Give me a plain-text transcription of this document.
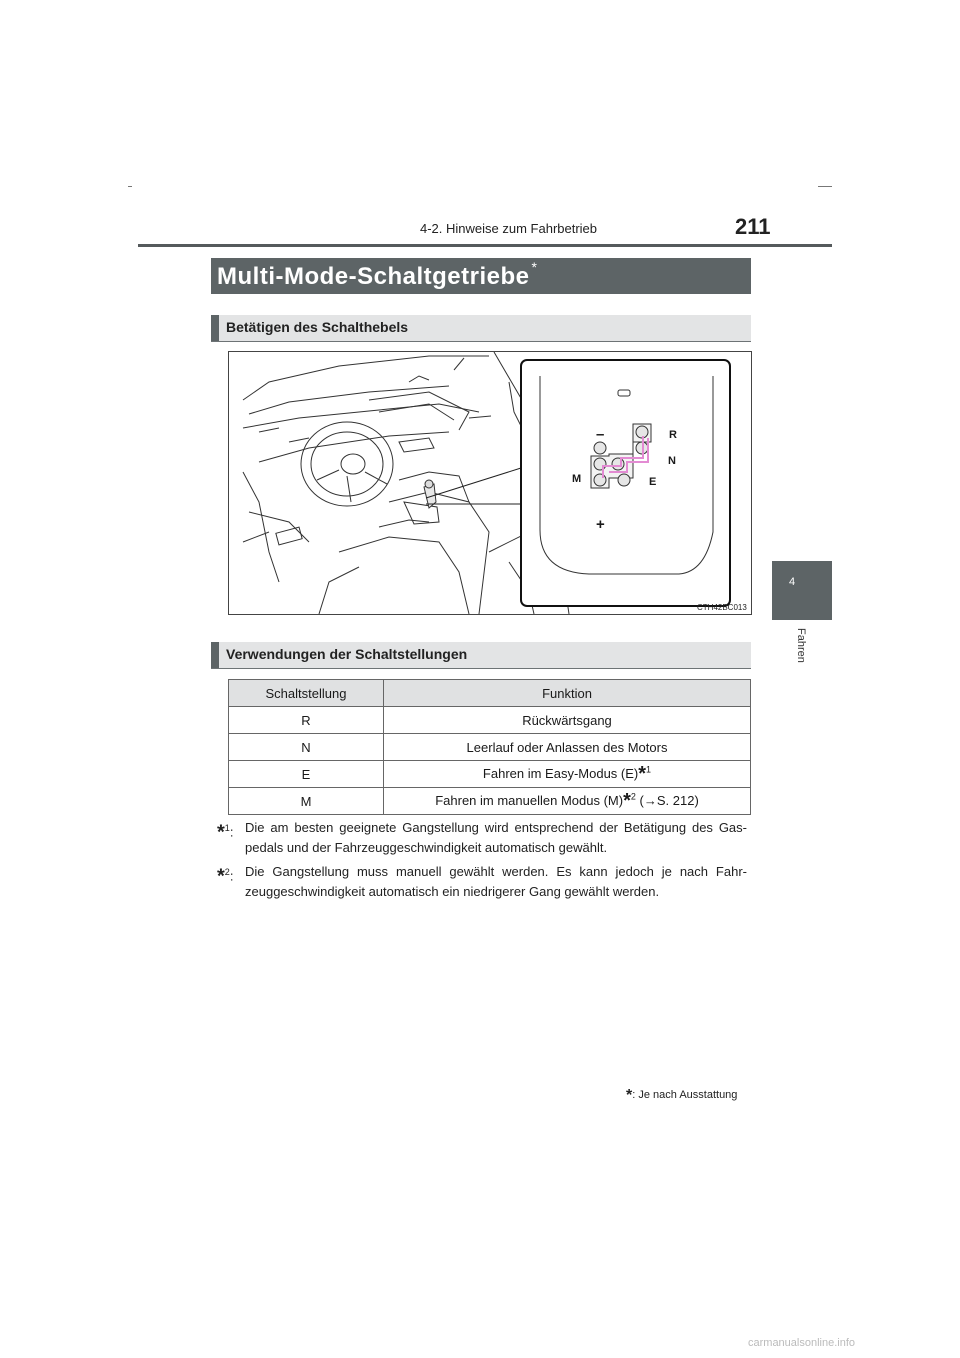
4-2. Hinweise zum Fahrbetrieb	211
4
Fahren
Multi-Mode-Schaltgetriebe *
Betätigen des Schalthebels
–
+
R
N
E
M
CTH42BC013
Verwendungen der Schaltstellungen
Schaltstellung	Funktion
R	Rückwärtsgang
N	Leerlauf oder Anlassen des Motors
E	Fahren im Easy-Modus (E)*$^1$
M	Fahren im manuellen Modus (M)*$^2$ (→S. 212)
*$^1$: Die am besten geeignete Gangstellung wird entsprechend der Betätigung des Gas-pedals und der Fahrzeuggeschwindigkeit automatisch gewählt.
*$^2$: Die Gangstellung muss manuell gewählt werden. Es kann jedoch je nach Fahr-zeuggeschwindigkeit automatisch ein niedrigerer Gang gewählt werden.
*: Je nach Ausstattung
carmanualsonline.info
